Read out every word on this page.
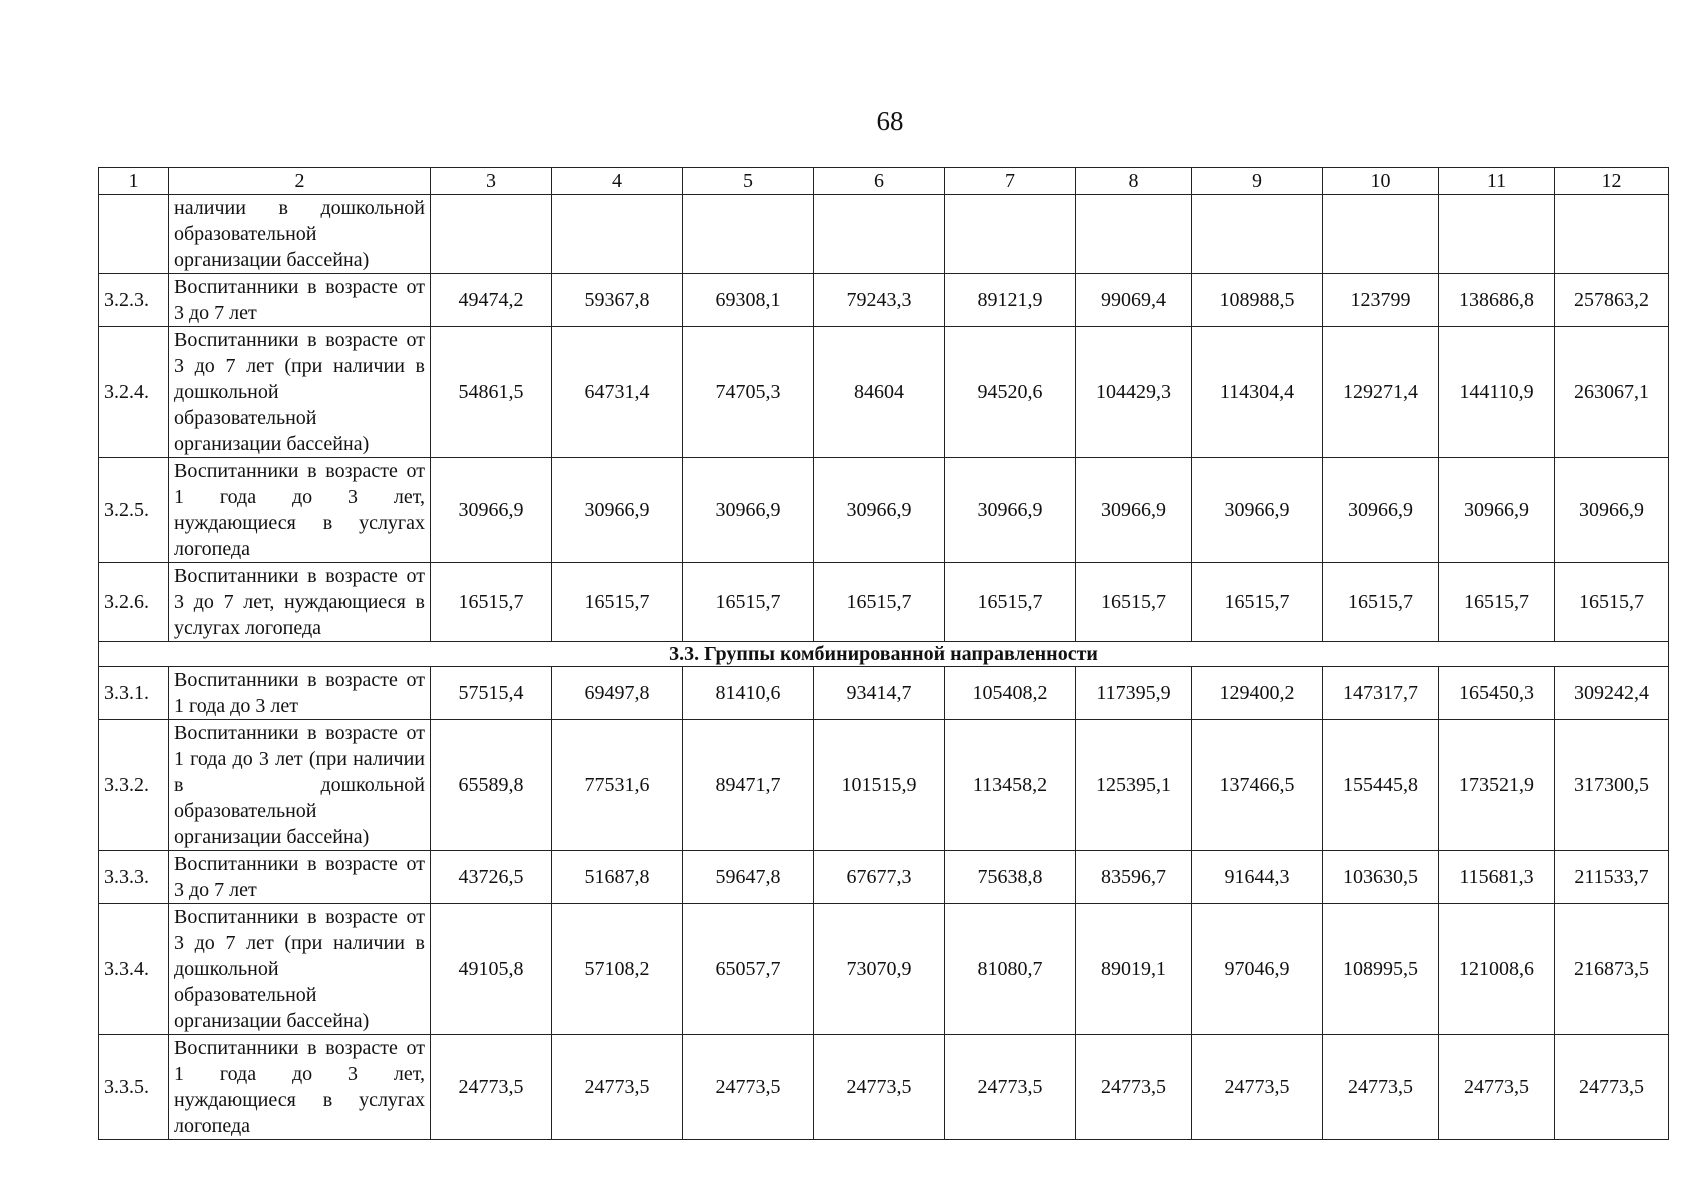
68
1	2	3	4	5	6	7	8	9	10	11	12
	наличии в дошкольной образовательной организации бассейна)										
3.2.3.	Воспитанники в возрасте от 3 до 7 лет	49474,2	59367,8	69308,1	79243,3	89121,9	99069,4	108988,5	123799	138686,8	257863,2
3.2.4.	Воспитанники в возрасте от 3 до 7 лет (при наличии в дошкольной образовательной организации бассейна)	54861,5	64731,4	74705,3	84604	94520,6	104429,3	114304,4	129271,4	144110,9	263067,1
3.2.5.	Воспитанники в возрасте от 1 года до 3 лет, нуждающиеся в услугах логопеда	30966,9	30966,9	30966,9	30966,9	30966,9	30966,9	30966,9	30966,9	30966,9	30966,9
3.2.6.	Воспитанники в возрасте от 3 до 7 лет, нуждающиеся в услугах логопеда	16515,7	16515,7	16515,7	16515,7	16515,7	16515,7	16515,7	16515,7	16515,7	16515,7
3.3. Группы комбинированной направленности											
3.3.1.	Воспитанники в возрасте от 1 года до 3 лет	57515,4	69497,8	81410,6	93414,7	105408,2	117395,9	129400,2	147317,7	165450,3	309242,4
3.3.2.	Воспитанники в возрасте от 1 года до 3 лет (при наличии в дошкольной образовательной организации бассейна)	65589,8	77531,6	89471,7	101515,9	113458,2	125395,1	137466,5	155445,8	173521,9	317300,5
3.3.3.	Воспитанники в возрасте от 3 до 7 лет	43726,5	51687,8	59647,8	67677,3	75638,8	83596,7	91644,3	103630,5	115681,3	211533,7
3.3.4.	Воспитанники в возрасте от 3 до 7 лет (при наличии в дошкольной образовательной организации бассейна)	49105,8	57108,2	65057,7	73070,9	81080,7	89019,1	97046,9	108995,5	121008,6	216873,5
3.3.5.	Воспитанники в возрасте от 1 года до 3 лет, нуждающиеся в услугах логопеда	24773,5	24773,5	24773,5	24773,5	24773,5	24773,5	24773,5	24773,5	24773,5	24773,5
